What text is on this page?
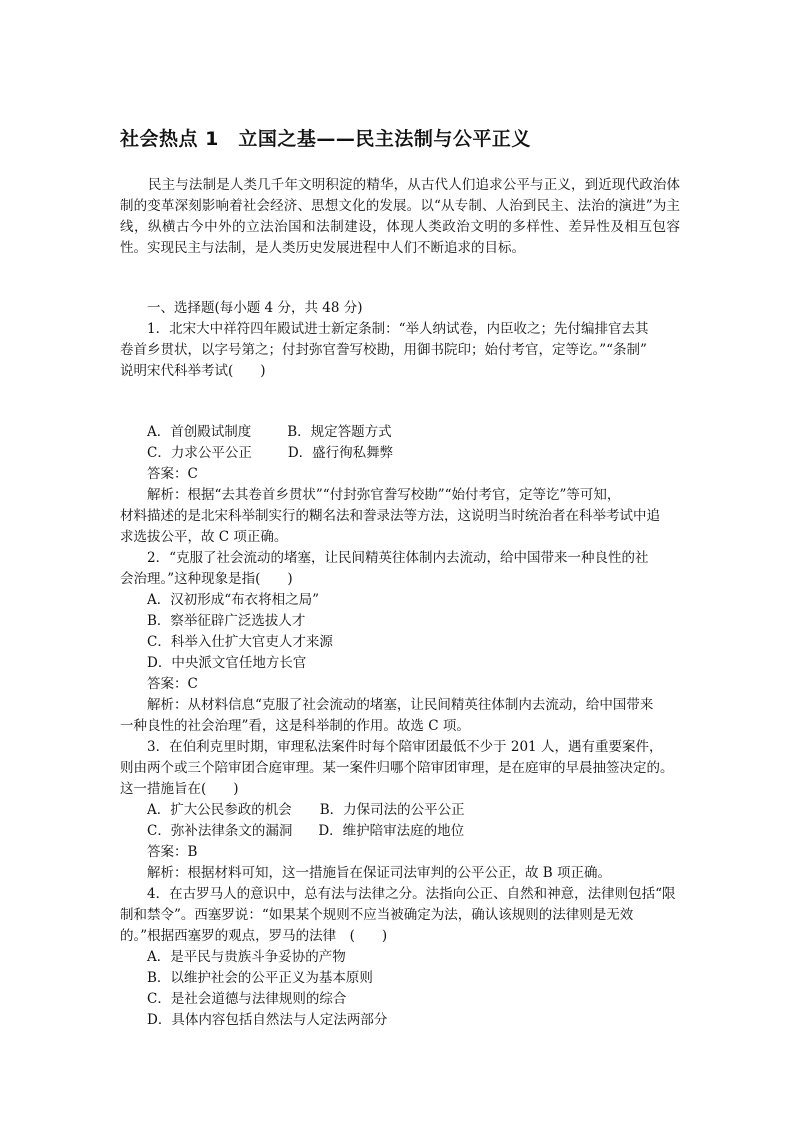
社会热点 1　立国之基——民主法制与公平正义
民主与法制是人类几千年文明积淀的精华，从古代人们追求公平与正义，到近现代政治体制的变革深刻影响着社会经济、思想文化的发展。以“从专制、人治到民主、法治的演进”为主线，纵横古今中外的立法治国和法制建设，体现人类政治文明的多样性、差异性及相互包容性。实现民主与法制，是人类历史发展进程中人们不断追求的目标。
一、选择题(每小题 4 分，共 48 分)
1．北宋大中祥符四年殿试进士新定条制：“举人纳试卷，内臣收之；先付编排官去其
卷首乡贯状，以字号第之；付封弥官誊写校勘，用御书院印；始付考官，定等讫。”“条制”
说明宋代科举考试(　　)
A．首创殿试制度	B．规定答题方式
C．力求公平公正	D．盛行徇私舞弊
答案：C
解析：根据“去其卷首乡贯状”“付封弥官誊写校勘”“始付考官，定等讫”等可知，
材料描述的是北宋科举制实行的糊名法和誊录法等方法，这说明当时统治者在科举考试中追
求选拔公平，故 C 项正确。
2．“克服了社会流动的堵塞，让民间精英往体制内去流动，给中国带来一种良性的社
会治理。”这种现象是指(　　)
A．汉初形成“布衣将相之局”
B．察举征辟广泛选拔人才
C．科举入仕扩大官吏人才来源
D．中央派文官任地方长官
答案：C
解析：从材料信息“克服了社会流动的堵塞，让民间精英往体制内去流动，给中国带来
一种良性的社会治理”看，这是科举制的作用。故选 C 项。
3．在伯利克里时期，审理私法案件时每个陪审团最低不少于 201 人，遇有重要案件，
则由两个或三个陪审团合庭审理。某一案件归哪个陪审团审理，是在庭审的早晨抽签决定的。
这一措施旨在(　　)
A．扩大公民参政的机会 B．力保司法的公平公正
C．弥补法律条文的漏洞 D．维护陪审法庭的地位
答案：B
解析：根据材料可知，这一措施旨在保证司法审判的公平公正，故 B 项正确。
4．在古罗马人的意识中，总有法与法律之分。法指向公正、自然和神意，法律则包括“限
制和禁令”。西塞罗说：“如果某个规则不应当被确定为法，确认该规则的法律则是无效
的。”根据西塞罗的观点，罗马的法律　(　　)
A．是平民与贵族斗争妥协的产物
B．以维护社会的公平正义为基本原则
C．是社会道德与法律规则的综合
D．具体内容包括自然法与人定法两部分
